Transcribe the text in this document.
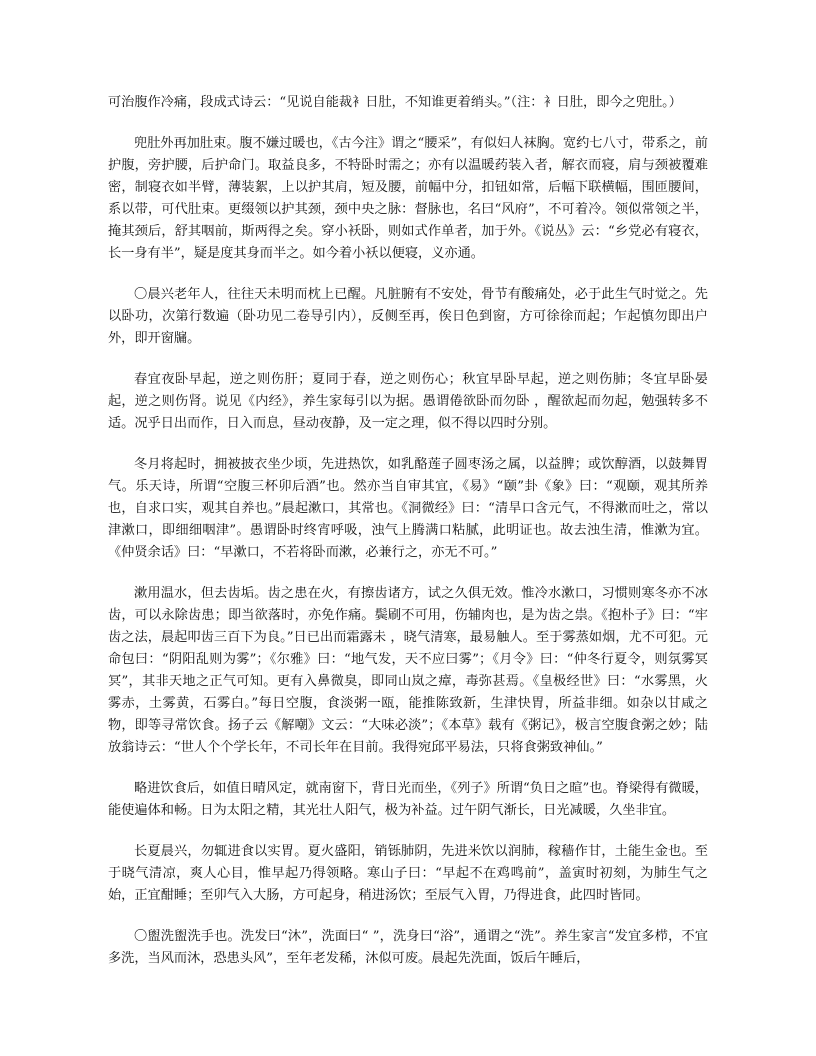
可治腹作冷痛，段成式诗云：“见说自能裁衤日肚，不知谁更着绡头。”（注：衤日肚，即今之兜肚。）

兜肚外再加肚束。腹不嫌过暖也，《古今注》谓之“腰采”，有似妇人袜胸。宽约七八寸，带系之，前护腹，旁护腰，后护命门。取益良多，不特卧时需之；亦有以温暖药装入者，解衣而寝，肩与颈被覆难密，制寝衣如半臂，薄装絮，上以护其肩，短及腰，前幅中分，扣钮如常，后幅下联横幅，围匝腰间，系以带，可代肚束。更缀领以护其颈，颈中央之脉：督脉也，名曰“风府”，不可着冷。领似常领之半，掩其颈后，舒其咽前，斯两得之矣。穿小袄卧，则如式作单者，加于外。《说丛》云：“乡党必有寝衣，长一身有半”，疑是度其身而半之。如今着小袄以便寝，义亦通。

〇晨兴老年人，往往天未明而枕上已醒。凡脏腑有不安处，骨节有酸痛处，必于此生气时觉之。先以卧功，次第行数遍（卧功见二卷导引内），反侧至再，俟日色到窗，方可徐徐而起；乍起慎勿即出户外，即开窗牖。

春宜夜卧早起，逆之则伤肝；夏同于春，逆之则伤心；秋宜早卧早起，逆之则伤肺；冬宜早卧晏起，逆之则伤肾。说见《内经》，养生家每引以为据。愚谓倦欲卧而勿卧 ，醒欲起而勿起，勉强转多不适。况乎日出而作，日入而息，昼动夜静，及一定之理，似不得以四时分别。

冬月将起时，拥被披衣坐少顷，先进热饮，如乳酪莲子圆枣汤之属，以益脾；或饮醇酒，以鼓舞胃气。乐天诗，所谓“空腹三杯卯后酒”也。然亦当自审其宜，《易》“颐”卦《象》曰：“观颐，观其所养也，自求口实，观其自养也。”晨起漱口，其常也。《洞微经》曰：“清旱口含元气，不得漱而吐之，常以津漱口，即细细咽津”。愚谓卧时终宵呼吸，浊气上腾满口粘腻，此明证也。故去浊生清，惟漱为宜。《仲贤余话》曰：“早漱口，不若将卧而漱，必兼行之，亦无不可。”

漱用温水，但去齿垢。齿之患在火，有擦齿诸方，试之久俱无效。惟冷水漱口，习惯则寒冬亦不冰齿，可以永除齿患；即当欲落时，亦免作痛。鬓刷不可用，伤辅肉也，是为齿之祟。《抱朴子》曰：“牢齿之法，晨起叩齿三百下为良。”日已出而霜露未 ，晓气清寒，最易触人。至于雾蒸如烟，尤不可犯。元命包曰：“阴阳乱则为雾”；《尔雅》曰：“地气发，天不应曰雾”；《月令》曰：“仲冬行夏令，则氛雾冥冥”，其非天地之正气可知。更有入鼻微臭，即同山岚之瘴，毒弥甚焉。《皇极经世》曰：“水雾黑，火雾赤，土雾黄，石雾白。”每日空腹，食淡粥一瓯，能推陈致新，生津快胃，所益非细。如杂以甘咸之物，即等寻常饮食。扬子云《解嘲》文云：“大味必淡”；《本草》载有《粥记》，极言空腹食粥之妙；陆放翁诗云：“世人个个学长年，不司长年在目前。我得宛邱平易法，只将食粥致神仙。”

略进饮食后，如值日晴风定，就南窗下，背日光而坐，《列子》所谓“负日之暄”也。脊梁得有微暖，能使遍体和畅。日为太阳之精，其光壮人阳气，极为补益。过午阴气渐长，日光减暖，久坐非宜。

长夏晨兴，勿辄进食以实胃。夏火盛阳，销铄肺阴，先进米饮以润肺，稼穑作甘，土能生金也。至于晓气清凉，爽人心目，惟早起乃得领略。寒山子曰：“早起不在鸡鸣前”，盖寅时初刻，为肺生气之始，正宜酣睡；至卯气入大肠，方可起身，稍进汤饮；至辰气入胃，乃得进食，此四时皆同。

〇盥洗盥洗手也。洗发曰“沐”，洗面曰“ ”，洗身曰“浴”，通谓之“洗”。养生家言“发宜多栉，不宜多洗，当风而沐，恐患头风”，至年老发稀，沐似可废。晨起先洗面，饭后午睡后，
